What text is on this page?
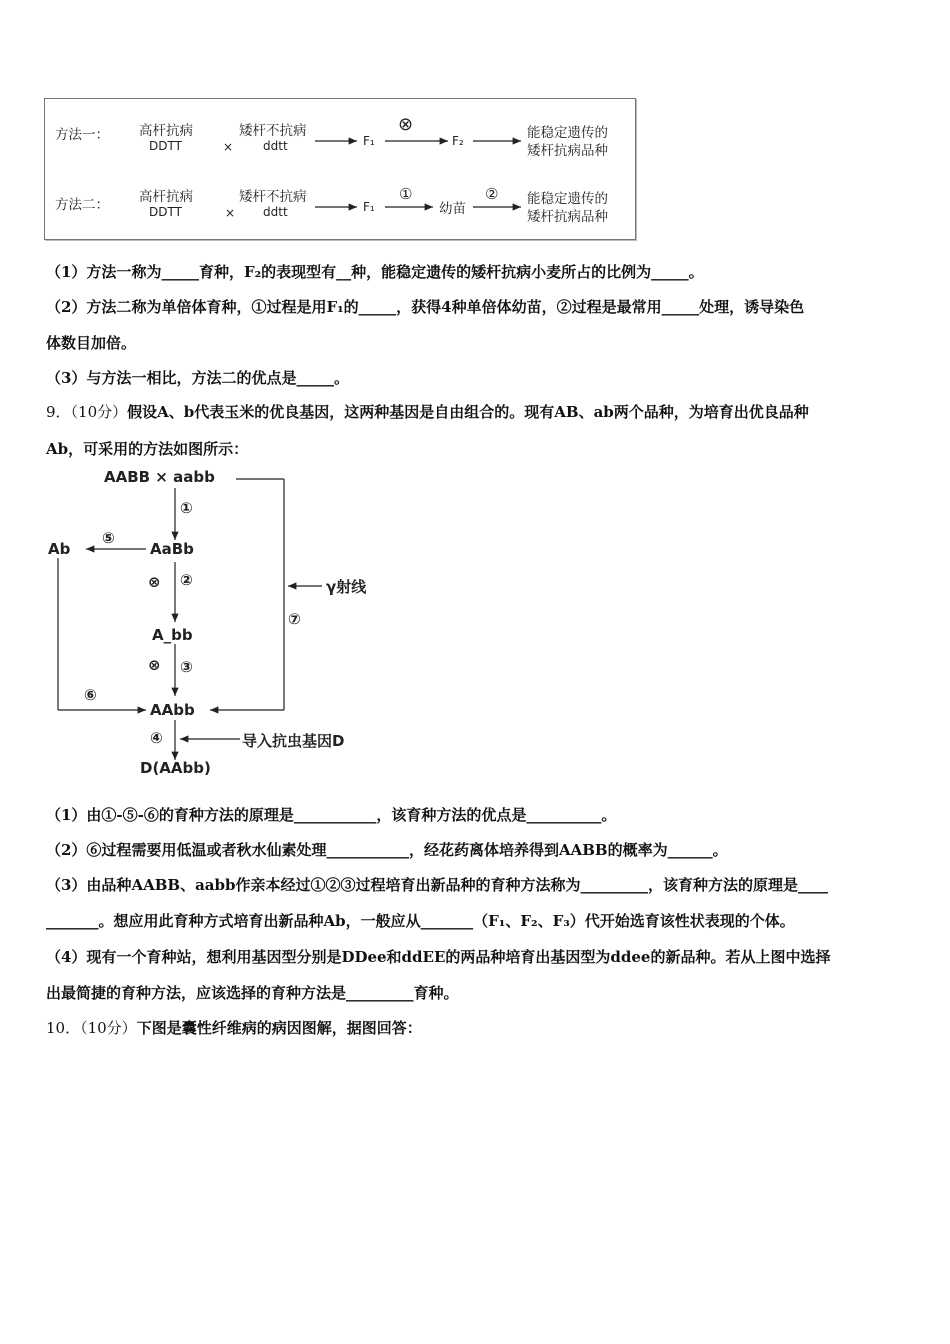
方法一： 高杆抗病
DDTT	×
矮杆不抗病
ddtt	F₁
⊗
F₂	能稳定遗传的
矮杆抗病品种
方法二： 高杆抗病
DDTT	×
矮杆不抗病
ddtt	F₁
①
幼苗
② 能稳定遗传的
矮杆抗病品种
（1）方法一称为_____育种，F₂的表现型有__种，能稳定遗传的矮杆抗病小麦所占的比例为_____。
（2）方法二称为单倍体育种，①过程是用F₁的_____，获得4种单倍体幼苗，②过程是最常用_____处理，诱导染色
体数目加倍。
（3）与方法一相比，方法二的优点是_____。
9．（10分）假设A、b代表玉米的优良基因，这两种基因是自由组合的。现有AB、ab两个品种，为培育出优良品种
Ab，可采用的方法如图所示：
AABB × aabb
①
AaBb
Ab
⑤
⊗ ②
A_bb
⊗ ③
⑥
AAbb
④	导入抗虫基因D
D(AAbb)
γ射线
⑦
（1）由①-⑤-⑥的育种方法的原理是___________，该育种方法的优点是__________。
（2）⑥过程需要用低温或者秋水仙素处理___________，经花药离体培养得到AABB的概率为______。
（3）由品种AABB、aabb作亲本经过①②③过程培育出新品种的育种方法称为_________，该育种方法的原理是____
_______。想应用此育种方式培育出新品种Ab，一般应从_______（F₁、F₂、F₃）代开始选育该性状表现的个体。
（4）现有一个育种站，想利用基因型分别是DDee和ddEE的两品种培育出基因型为ddee的新品种。若从上图中选择
出最简捷的育种方法，应该选择的育种方法是_________育种。
10．（10分）下图是囊性纤维病的病因图解，据图回答：
